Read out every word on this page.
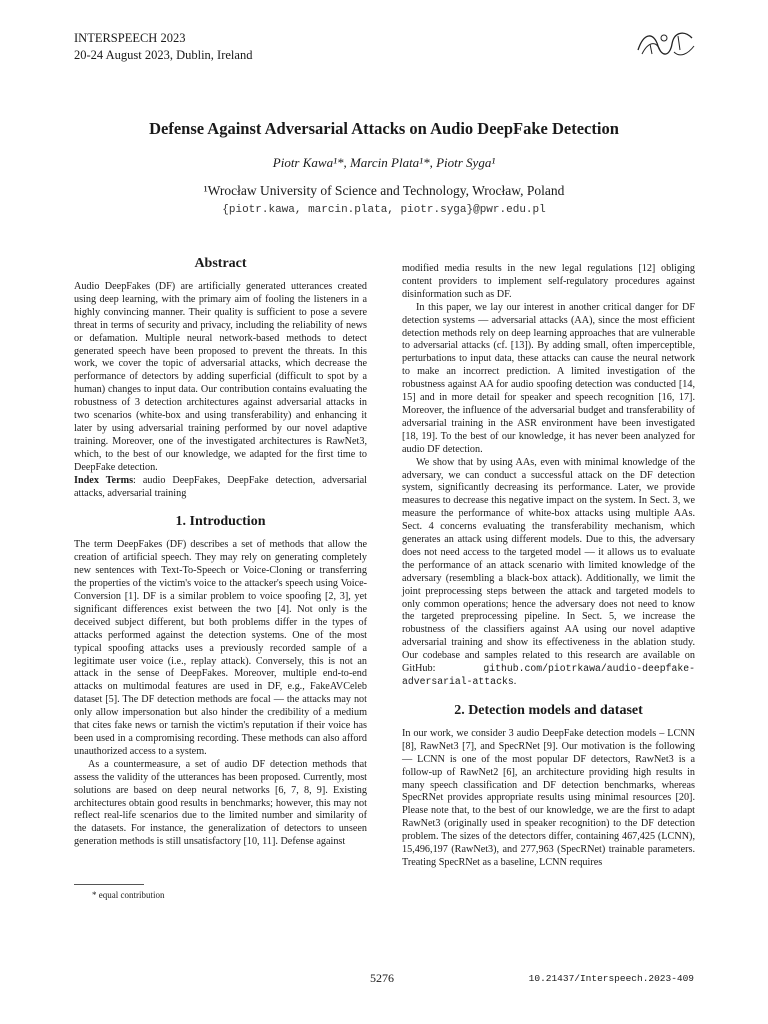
INTERSPEECH 2023
20-24 August 2023, Dublin, Ireland
Defense Against Adversarial Attacks on Audio DeepFake Detection
Piotr Kawa¹*, Marcin Plata¹*, Piotr Syga¹
¹Wrocław University of Science and Technology, Wrocław, Poland
{piotr.kawa, marcin.plata, piotr.syga}@pwr.edu.pl
Abstract

Audio DeepFakes (DF) are artificially generated utterances created using deep learning, with the primary aim of fooling the listeners in a highly convincing manner. Their quality is sufficient to pose a severe threat in terms of security and privacy, including the reliability of news or defamation. Multiple neural network-based methods to detect generated speech have been proposed to prevent the threats. In this work, we cover the topic of adversarial attacks, which decrease the performance of detectors by adding superficial (difficult to spot by a human) changes to input data. Our contribution contains evaluating the robustness of 3 detection architectures against adversarial attacks in two scenarios (white-box and using transferability) and enhancing it later by using adversarial training performed by our novel adaptive training. Moreover, one of the investigated architectures is RawNet3, which, to the best of our knowledge, we adapted for the first time to DeepFake detection.

Index Terms: audio DeepFakes, DeepFake detection, adversarial attacks, adversarial training

1. Introduction

The term DeepFakes (DF) describes a set of methods that allow the creation of artificial speech. They may rely on generating completely new sentences with Text-To-Speech or Voice-Cloning or transferring the properties of the victim's voice to the attacker's speech using Voice-Conversion [1]. DF is a similar problem to voice spoofing [2, 3], yet significant differences exist between the two [4]. Not only is the deceived subject different, but both problems differ in the types of attacks performed against the detection systems. One of the most typical spoofing attacks uses a previously recorded sample of a legitimate user voice (i.e., replay attack). Conversely, this is not an attack in the sense of DeepFakes. Moreover, multiple end-to-end attacks on multimodal features are used in DF, e.g., FakeAVCeleb dataset [5]. The DF detection methods are focal — the attacks may not only allow impersonation but also hinder the credibility of a medium that cites fake news or tarnish the victim's reputation if their voice has been used in a compromising recording. These methods can also afford unauthorized access to a system.

As a countermeasure, a set of audio DF detection methods that assess the validity of the utterances has been proposed. Currently, most solutions are based on deep neural networks [6, 7, 8, 9]. Existing architectures obtain good results in benchmarks; however, this may not reflect real-life scenarios due to the limited number and similarity of the datasets. For instance, the generalization of detectors to unseen generation methods is still unsatisfactory [10, 11]. Defense against

modified media results in the new legal regulations [12] obliging content providers to implement self-regulatory procedures against disinformation such as DF.

In this paper, we lay our interest in another critical danger for DF detection systems — adversarial attacks (AA), since the most efficient detection methods rely on deep learning approaches that are vulnerable to adversarial attacks (cf. [13]). By adding small, often imperceptible, perturbations to input data, these attacks can cause the neural network to make an incorrect prediction. A limited investigation of the robustness against AA for audio spoofing detection was conducted [14, 15] and in more detail for speaker and speech recognition [16, 17]. Moreover, the influence of the adversarial budget and transferability of adversarial training in the ASR environment have been investigated [18, 19]. To the best of our knowledge, it has never been analyzed for audio DF detection.

We show that by using AAs, even with minimal knowledge of the adversary, we can conduct a successful attack on the DF detection system, significantly decreasing its performance. Later, we provide measures to decrease this negative impact on the system. In Sect. 3, we measure the performance of white-box attacks using multiple AAs. Sect. 4 concerns evaluating the transferability mechanism, which generates an attack using different models. Due to this, the adversary does not need access to the targeted model — it allows us to evaluate the performance of an attack scenario with limited knowledge of the adversary (resembling a black-box attack). Additionally, we limit the joint preprocessing steps between the attack and targeted models to only common operations; hence the adversary does not need to know the targeted preprocessing pipeline. In Sect. 5, we increase the robustness of the classifiers against AA using our novel adaptive adversarial training and show its effectiveness in the ablation study. Our codebase and samples related to this research are available on GitHub: github.com/piotrkawa/audio-deepfake-adversarial-attacks.

2. Detection models and dataset

In our work, we consider 3 audio DeepFake detection models – LCNN [8], RawNet3 [7], and SpecRNet [9]. Our motivation is the following — LCNN is one of the most popular DF detectors, RawNet3 is a follow-up of RawNet2 [6], an architecture providing high results in many speech classification and DF detection benchmarks, whereas SpecRNet provides appropriate results using minimal resources [20]. Please note that, to the best of our knowledge, we are the first to adapt RawNet3 (originally used in speaker recognition) to the DF detection problem. The sizes of the detectors differ, containing 467,425 (LCNN), 15,496,197 (RawNet3), and 277,963 (SpecRNet) trainable parameters. Treating SpecRNet as a baseline, LCNN requires

* equal contribution
5276	10.21437/Interspeech.2023-409
